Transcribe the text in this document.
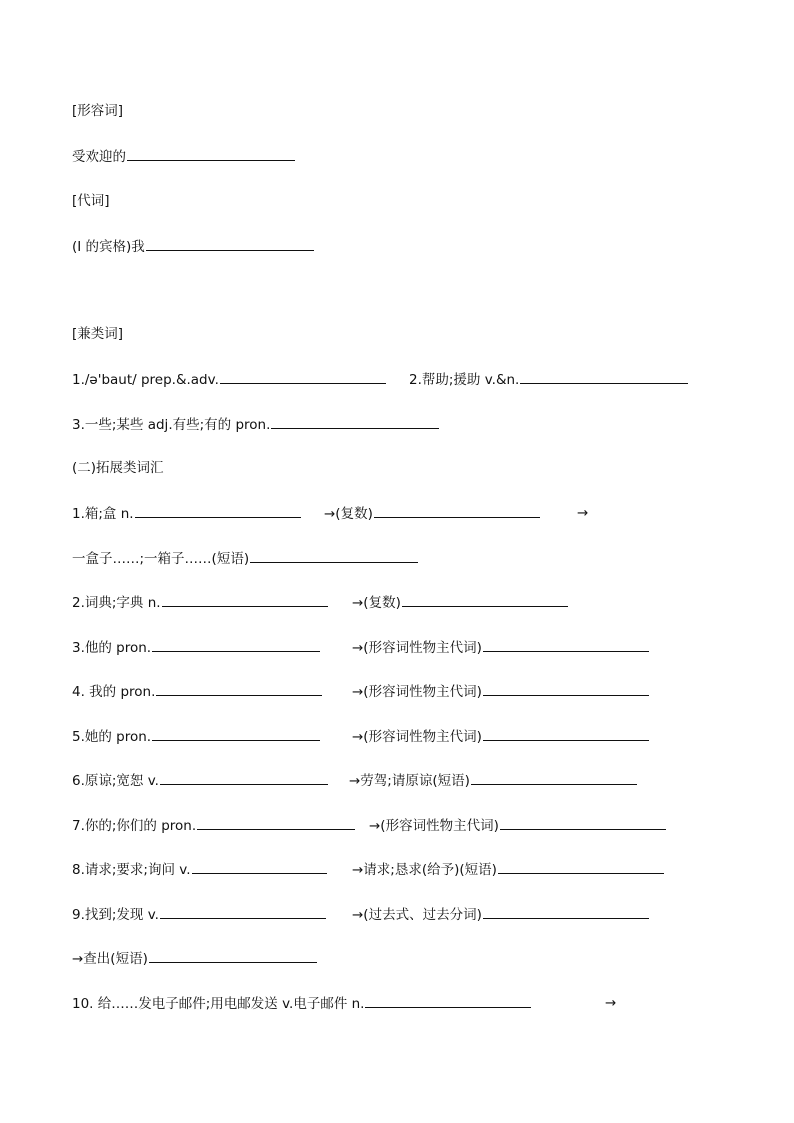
[形容词]
受欢迎的
[代词]
(I 的宾格)我
[兼类词]
1./ə'baut/ prep.&.adv.	2.帮助;援助 v.&n.
3.一些;某些 adj.有些;有的 pron.
(二)拓展类词汇
1.箱;盒 n.	→(复数)	→
一盒子……;一箱子……(短语)
2.词典;字典 n.	→(复数)
3.他的 pron.	→(形容词性物主代词)
4. 我的 pron.	→(形容词性物主代词)
5.她的 pron.	→(形容词性物主代词)
6.原谅;宽恕 v.	→劳驾;请原谅(短语)
7.你的;你们的 pron.	→(形容词性物主代词)
8.请求;要求;询问 v.	→请求;恳求(给予)(短语)
9.找到;发现 v.	→(过去式、过去分词)
→查出(短语)
10. 给……发电子邮件;用电邮发送 v.电子邮件 n.	→
